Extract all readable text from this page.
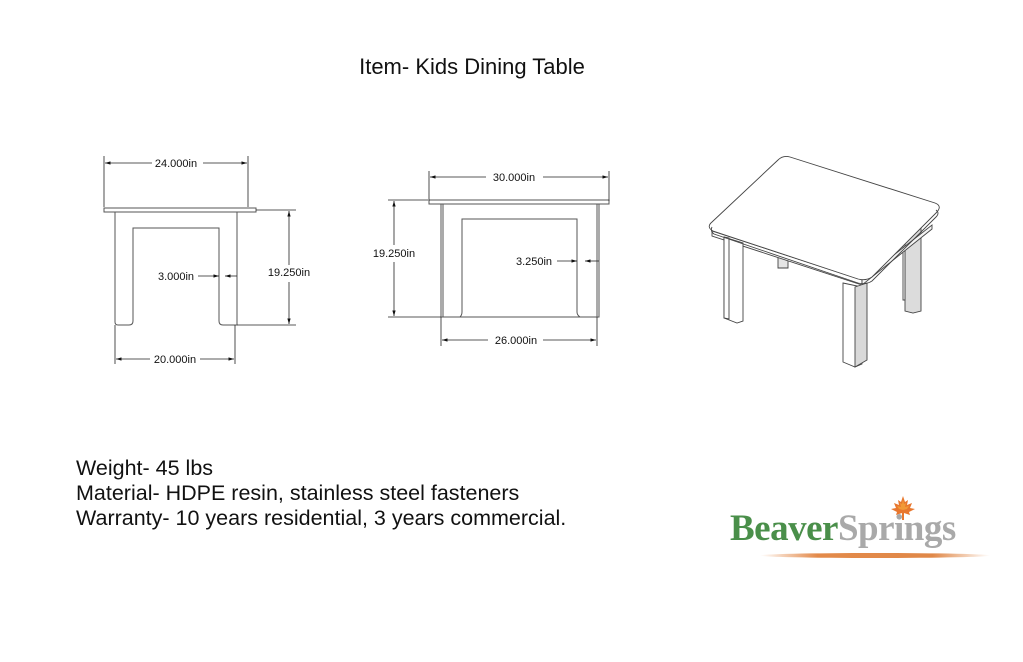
Item- Kids Dining Table
24.000in
3.000in	19.250in
20.000in
30.000in
19.250in
3.250in
26.000in
Weight- 45 lbs
Material- HDPE resin, stainless steel fasteners
Warranty- 10 years residential, 3 years commercial.	BeaverSprings
